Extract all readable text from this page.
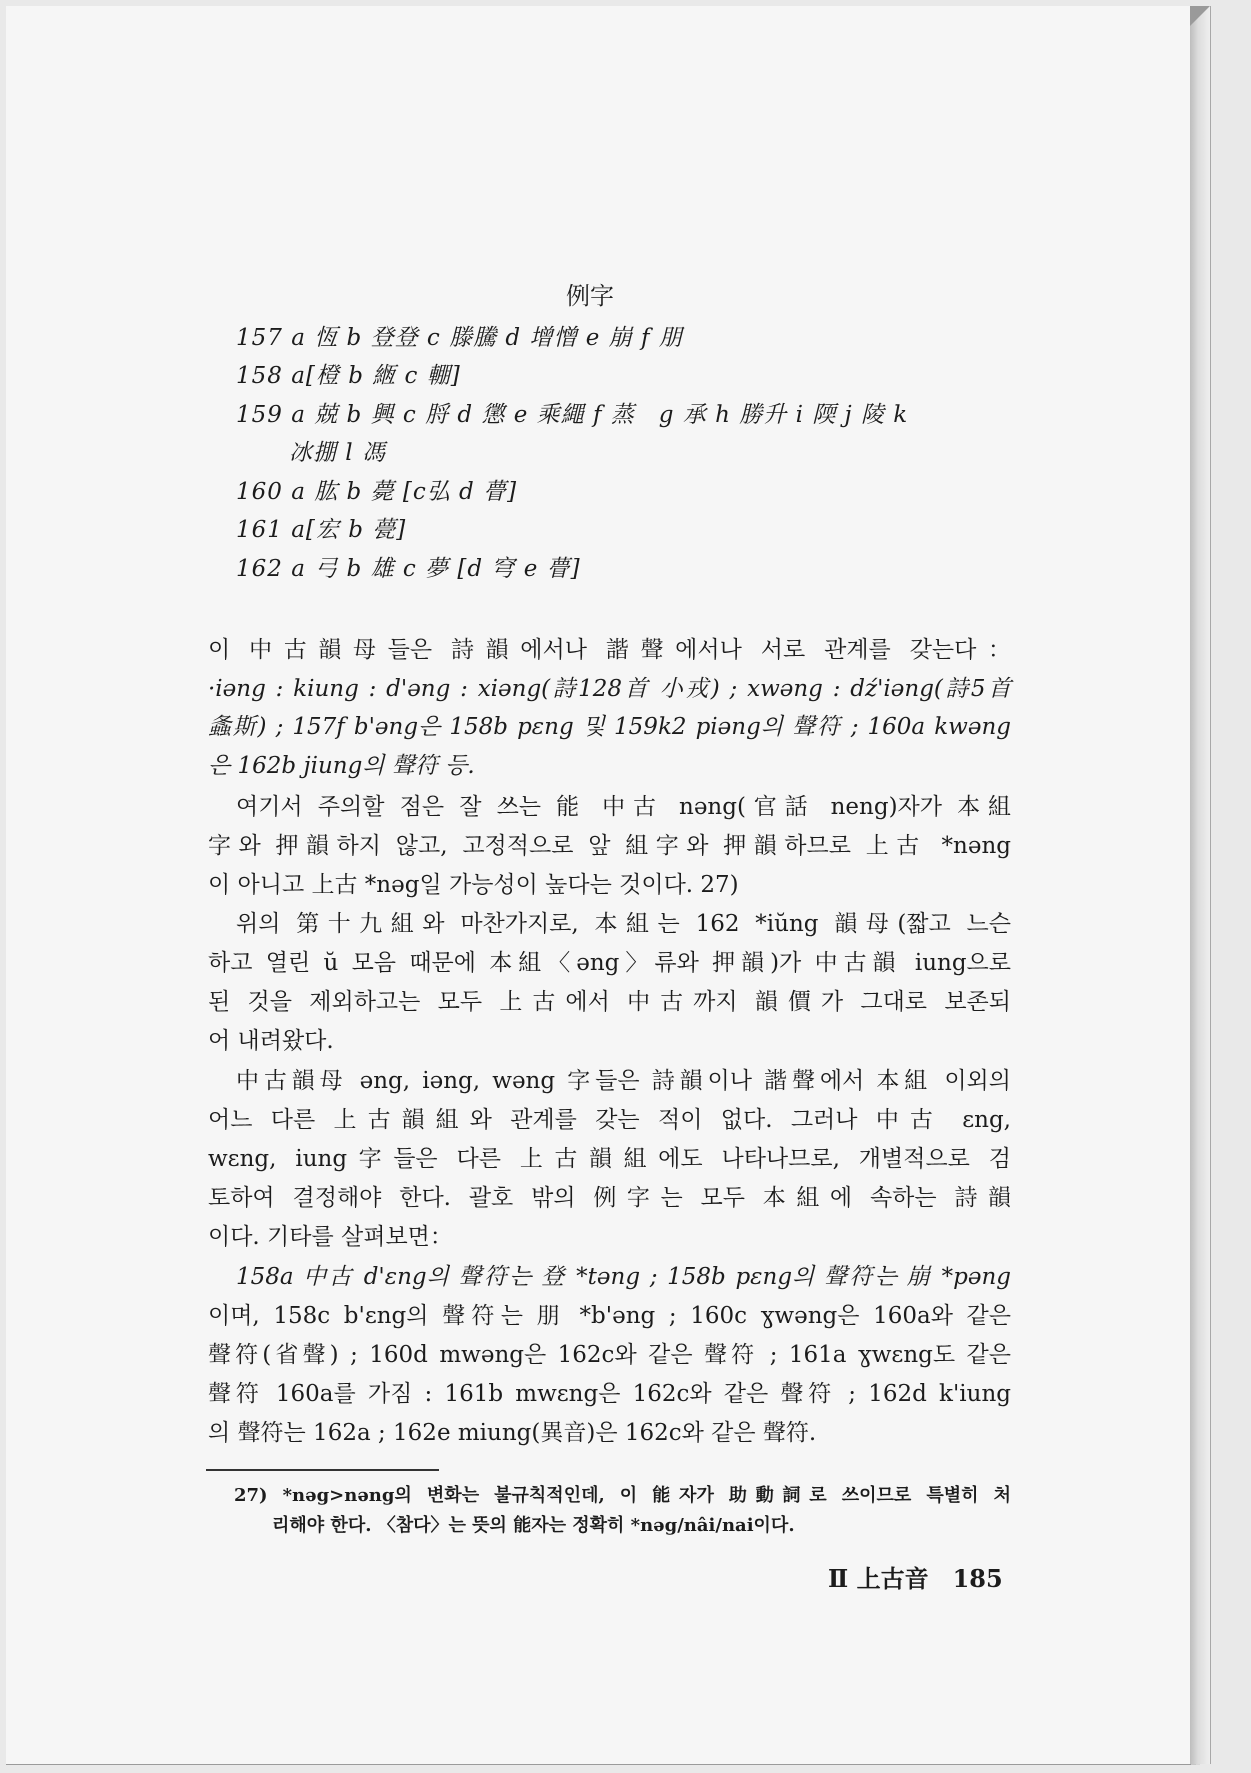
例字
157 a 恆 b 登登 c 滕騰 d 增憎 e 崩 f 朋
158 a[橙 b 緪 c 輣]
159 a 兢 b 興 c 脟 d 懲 e 乘繩 f 蒸　g 承 h 勝升 i 陾 j 陵 k
冰掤 l 馮
160 a 肱 b 薨 [c弘 d 瞢]
161 a[宏 b 甍]
162 a 弓 b 雄 c 夢 [d 穹 e 瞢]
이 中古韻母들은 詩韻에서나 諧聲에서나 서로 관계를 갖는다：
·iəng : kiung : d'əng : xiəng(詩128首 小戎) ; xwəng : dź'iəng(詩5首
螽斯) ; 157f b'əng은 158b pɛng 및 159k2 piəng의 聲符 ; 160a kwəng
은 162b jiung의 聲符 등.
여기서 주의할 점은 잘 쓰는 能 中古 nəng(官話 neng)자가 本組
字와 押韻하지 않고, 고정적으로 앞 組字와 押韻하므로 上古 *nəng
이 아니고 上古 *nəg일 가능성이 높다는 것이다. 27)
위의 第十九組와 마찬가지로, 本組는 162 *iŭng 韻母(짧고 느슨
하고 열린 ŭ 모음 때문에 本組〈əng〉류와 押韻)가 中古韻 iung으로
된 것을 제외하고는 모두 上古에서 中古까지 韻價가 그대로 보존되
어 내려왔다.
中古韻母 əng, iəng, wəng 字들은 詩韻이나 諧聲에서 本組 이외의
어느 다른 上古韻組와 관계를 갖는 적이 없다. 그러나 中古 ɛng,
wɛng, iung字들은 다른 上古韻組에도 나타나므로, 개별적으로 검
토하여 결정해야 한다. 괄호 밖의 例字는 모두 本組에 속하는 詩韻
이다. 기타를 살펴보면：
158a 中古 d'ɛng의 聲符는 登 *təng ; 158b pɛng의 聲符는 崩 *pəng
이며, 158c b'ɛng의 聲符는 朋 *b'əng ; 160c ɣwəng은 160a와 같은
聲符(省聲) ; 160d mwəng은 162c와 같은 聲符 ; 161a ɣwɛng도 같은
聲符 160a를 가짐 : 161b mwɛng은 162c와 같은 聲符 ; 162d k'iung
의 聲符는 162a ; 162e miung(異音)은 162c와 같은 聲符.
27) *nəg>nəng의 변화는 불규칙적인데, 이 能자가 助動詞로 쓰이므로 특별히 처
리해야 한다. 〈참다〉는 뜻의 能자는 정확히 *nəg/nâi/nai이다.
Ⅱ 上古音　185
